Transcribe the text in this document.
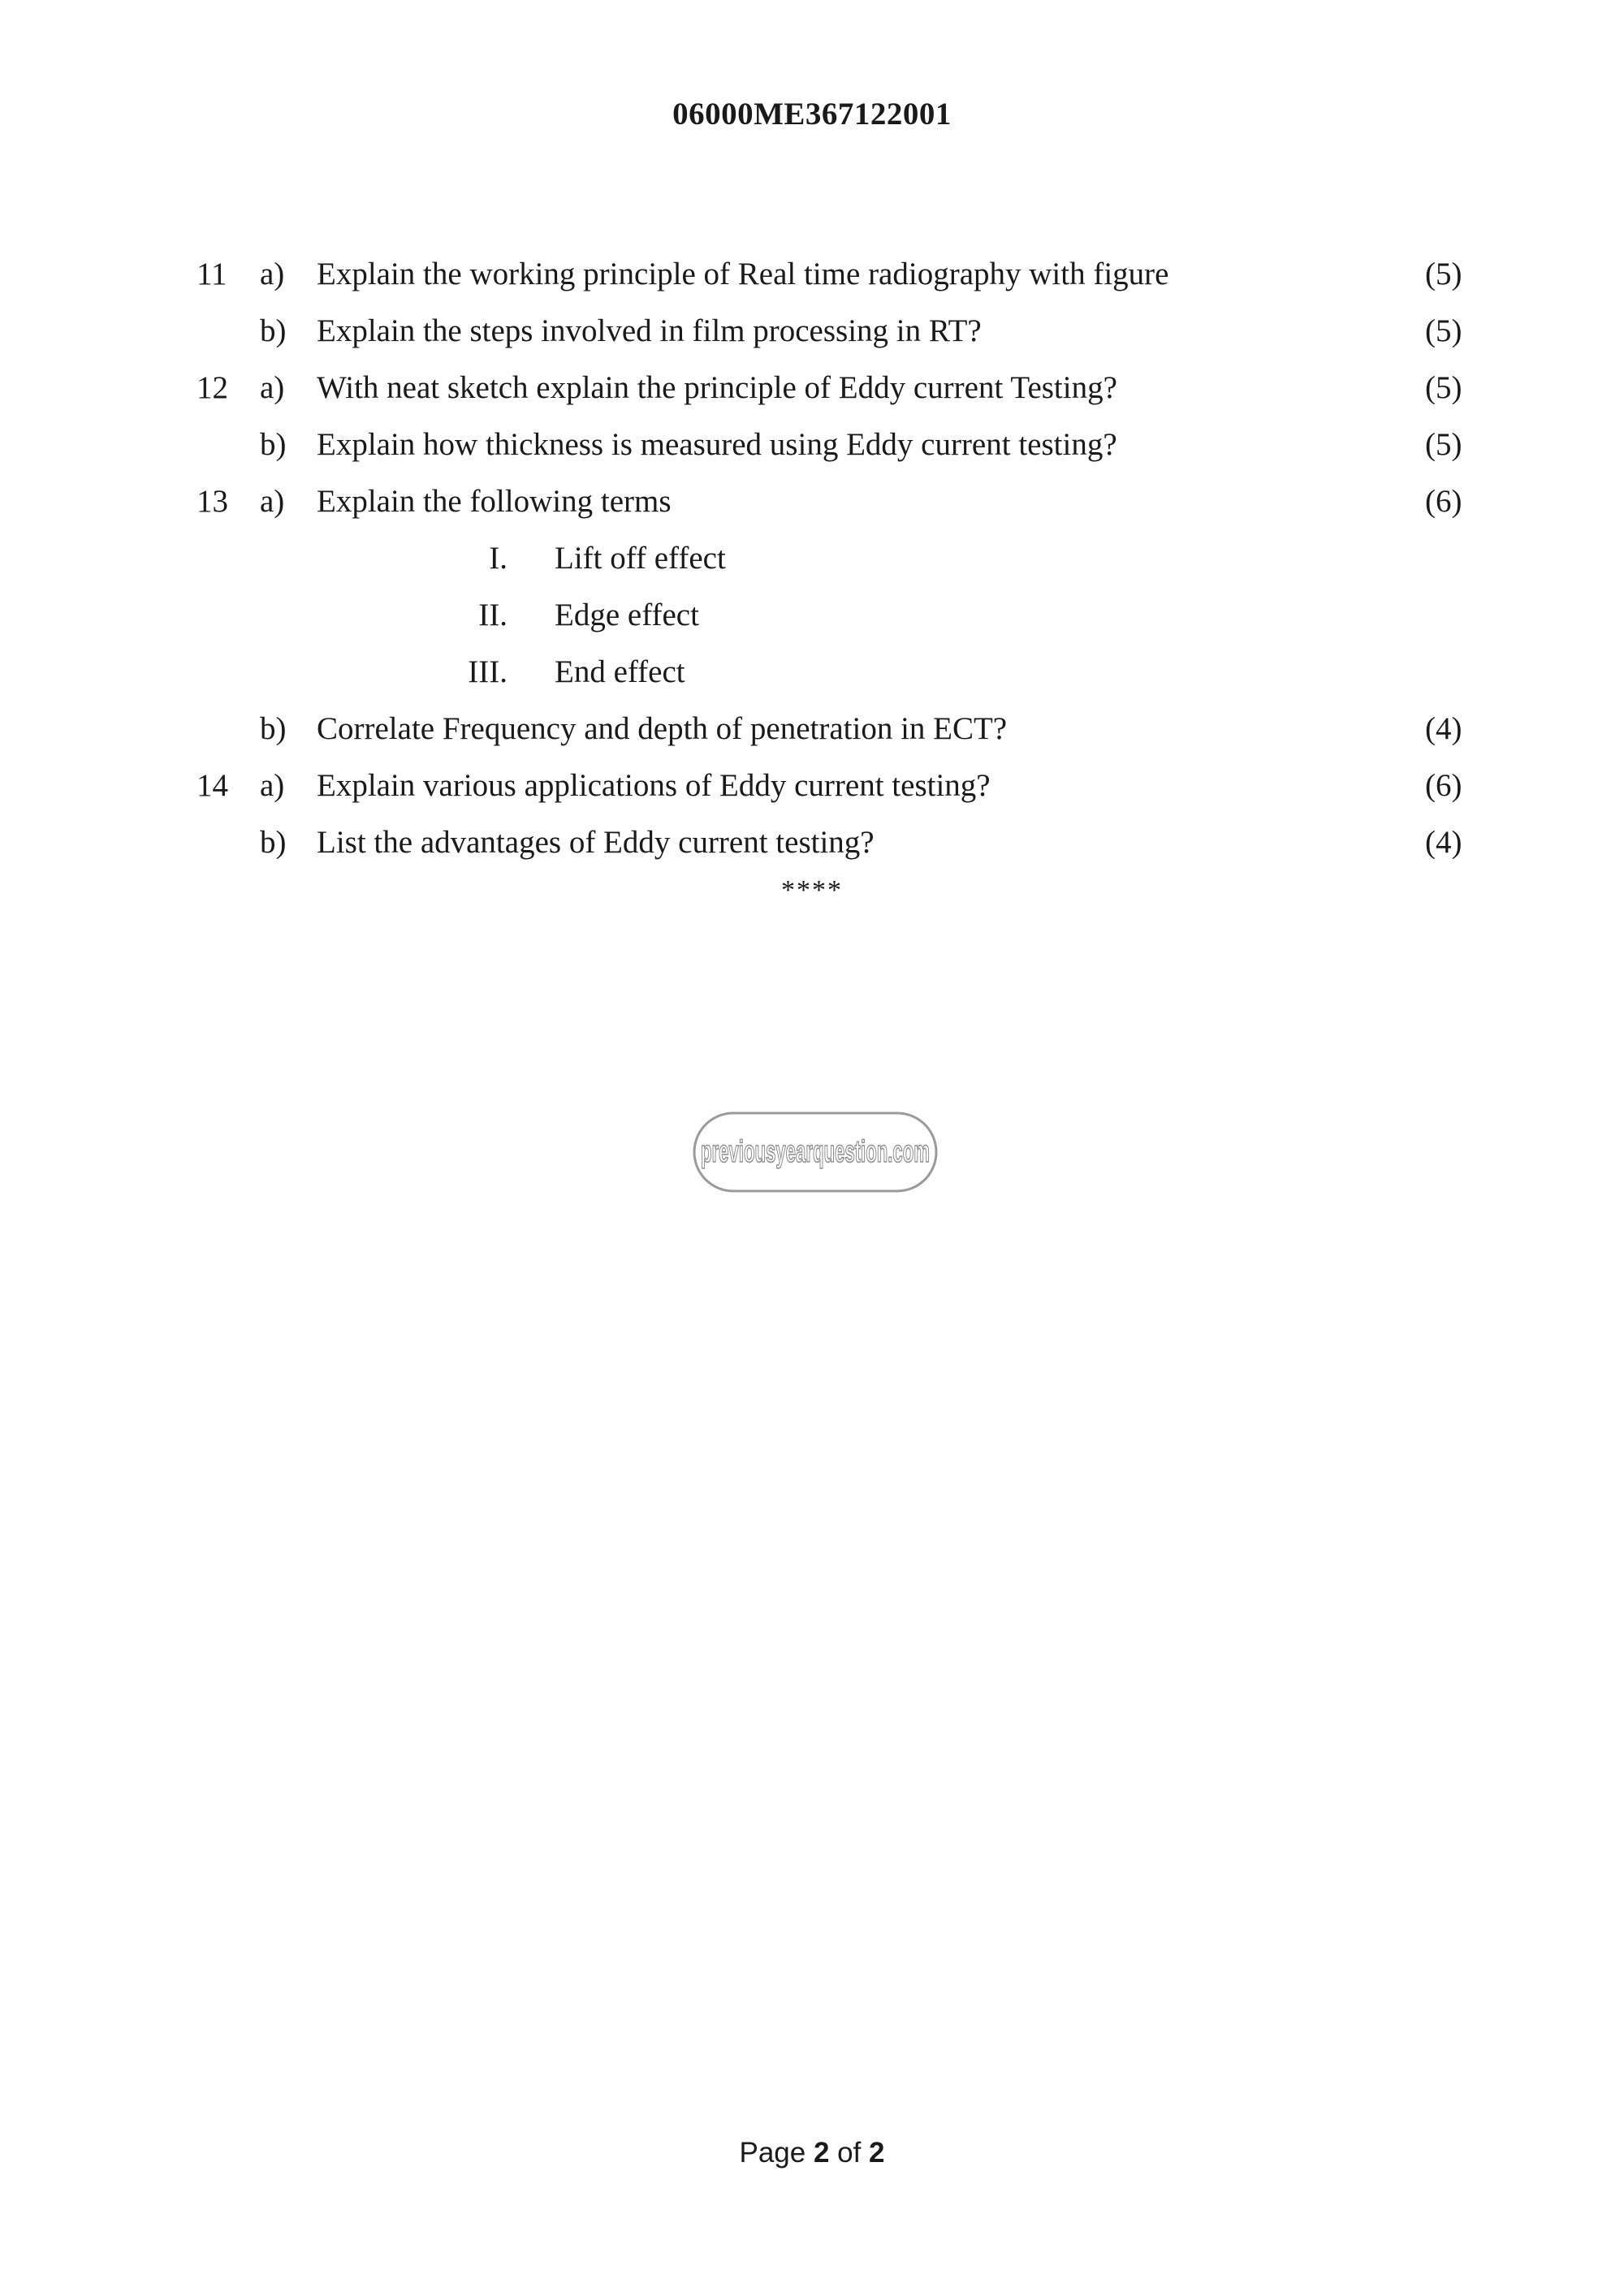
06000ME367122001
11	a)	Explain the working principle of Real time radiography with figure	(5)
b) Explain the steps involved in film processing in RT?	(5)
12	a)	With neat sketch explain the principle of Eddy current Testing?	(5)
b) Explain how thickness is measured using Eddy current testing?	(5)
13	a)	Explain the following terms	(6)
I. Lift off effect
II. Edge effect
III. End effect
b) Correlate Frequency and depth of penetration in ECT?	(4)
14	a)	Explain various applications of Eddy current testing?	(6)
b) List the advantages of Eddy current testing?	(4)
****
previousyearquestion.com
Page 2 of 2
